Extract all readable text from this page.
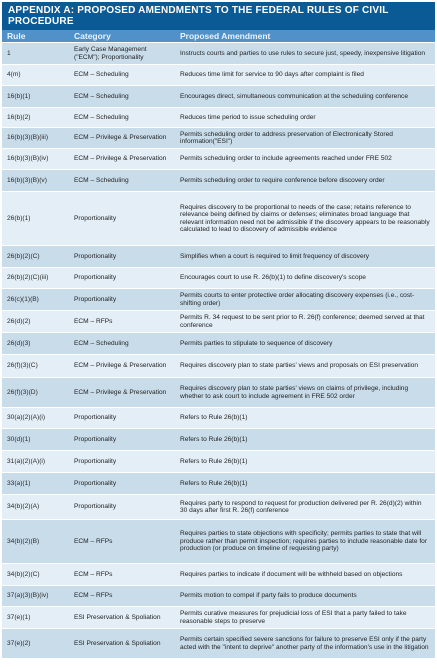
APPENDIX A: PROPOSED AMENDMENTS TO THE FEDERAL RULES OF CIVIL PROCEDURE
Rule	Category	Proposed Amendment
1	Early Case Management ("ECM"); Proportionality	Instructs courts and parties to use rules to secure just, speedy, inexpensive litigation
4(m)	ECM – Scheduling	Reduces time limit for service to 90 days after complaint is filed
16(b)(1)	ECM – Scheduling	Encourages direct, simultaneous communication at the scheduling conference
16(b)(2)	ECM – Scheduling	Reduces time period to issue scheduling order
16(b)(3)(B)(iii)	ECM – Privilege & Preservation	Permits scheduling order to address preservation of Electronically Stored information("ESI")
16(b)(3)(B)(iv)	ECM – Privilege & Preservation	Permits scheduling order to include agreements reached under FRE 502
16(b)(3)(B)(v)	ECM – Scheduling	Permits scheduling order to require conference before discovery order
26(b)(1)	Proportionality	Requires discovery to be proportional to needs of the case; retains reference to relevance being defined by claims or defenses; eliminates broad language that relevant information need not be admissible if the discovery appears to be reasonably calculated to lead to discovery of admissible evidence
26(b)(2)(C)	Proportionality	Simplifies when a court is required to limit frequency of discovery
26(b)(2)(C)(iii)	Proportionality	Encourages court to use R. 26(b)(1) to define discovery's scope
26(c)(1)(B)	Proportionality	Permits courts to enter protective order allocating discovery expenses (i.e., cost-shifting order)
26(d)(2)	ECM – RFPs	Permits R. 34 request to be sent prior to R. 26(f) conference; deemed served at that conference
26(d)(3)	ECM – Scheduling	Permits parties to stipulate to sequence of discovery
26(f)(3)(C)	ECM – Privilege & Preservation	Requires discovery plan to state parties' views and proposals on ESI preservation
26(f)(3)(D)	ECM – Privilege & Preservation	Requires discovery plan to state parties' views on claims of privilege, including whether to ask court to include agreement in FRE 502 order
30(a)(2)(A)(i)	Proportionality	Refers to Rule 26(b)(1)
30(d)(1)	Proportionality	Refers to Rule 26(b)(1)
31(a)(2)(A)(i)	Proportionality	Refers to Rule 26(b)(1)
33(a)(1)	Proportionality	Refers to Rule 26(b)(1)
34(b)(2)(A)	Proportionality	Requires party to respond to request for production delivered per R. 26(d)(2) within 30 days after first R. 26(f) conference
34(b)(2)(B)	ECM – RFPs	Requires parties to state objections with specificity; permits parties to state that will produce rather than permit inspection; requires parties to include reasonable date for production (or produce on timeline of requesting party)
34(b)(2)(C)	ECM – RFPs	Requires parties to indicate if document will be withheld based on objections
37(a)(3)(B)(iv)	ECM – RFPs	Permits motion to compel if party fails to produce documents
37(e)(1)	ESI Preservation & Spoliation	Permits curative measures for prejudicial loss of ESI that a party failed to take reasonable steps to preserve
37(e)(2)	ESI Preservation & Spoliation	Permits certain specified severe sanctions for failure to preserve ESI only if the party acted with the "intent to deprive" another party of the information's use in the litigation
